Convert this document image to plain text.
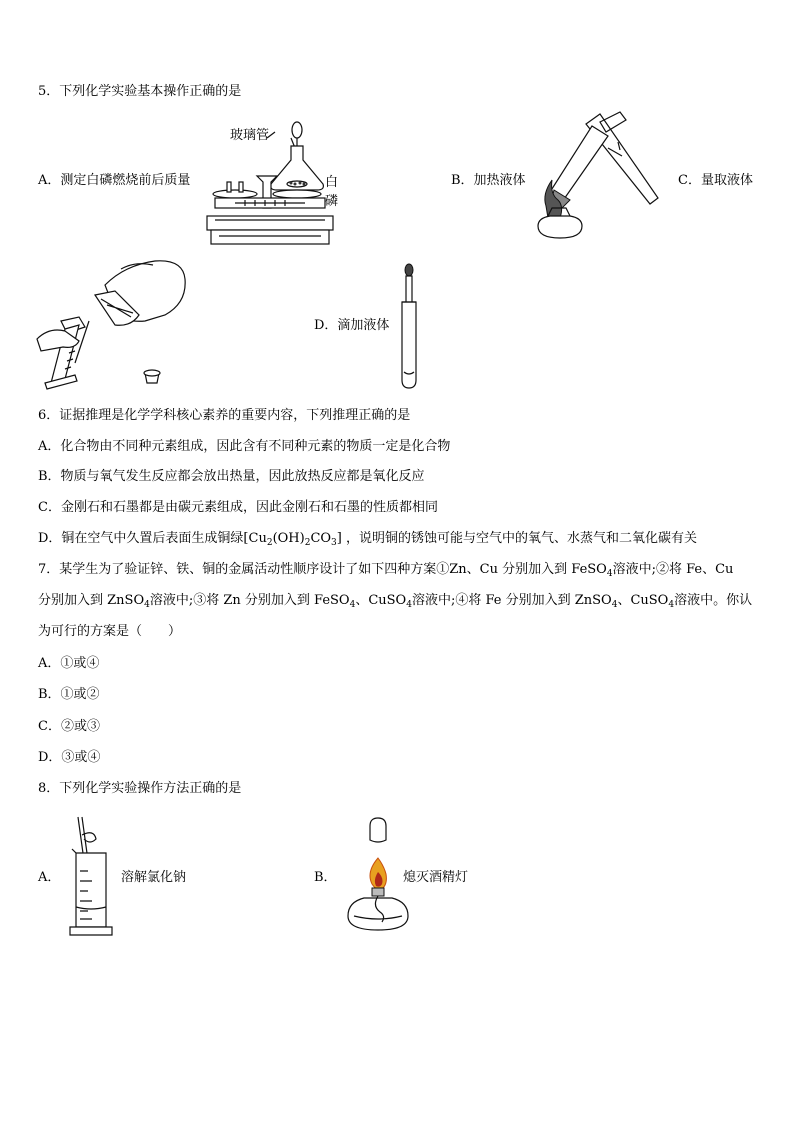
5．下列化学实验基本操作正确的是
玻璃管
A．测定白磷燃烧前后质量	白
磷
B．加热液体	C．量取液体
D．滴加液体
6．证据推理是化学学科核心素养的重要内容，下列推理正确的是
A．化合物由不同种元素组成，因此含有不同种元素的物质一定是化合物
B．物质与氧气发生反应都会放出热量，因此放热反应都是氧化反应
C．金刚石和石墨都是由碳元素组成，因此金刚石和石墨的性质都相同
D．铜在空气中久置后表面生成铜绿$[Cu_2(OH)_2CO_3]$ ，说明铜的锈蚀可能与空气中的氧气、水蒸气和二氧化碳有关
7．某学生为了验证锌、铁、铜的金属活动性顺序设计了如下四种方案①Zn、Cu 分别加入到 FeSO$_4$溶液中;②将 Fe、Cu
分别加入到 ZnSO$_4$溶液中;③将 Zn 分别加入到 FeSO$_4$、CuSO$_4$溶液中;④将 Fe 分别加入到 ZnSO$_4$、CuSO$_4$溶液中。你认
为可行的方案是（　　）
A．①或④
B．①或②
C．②或③
D．③或④
8．下列化学实验操作方法正确的是
A．	溶解氯化钠	B．	熄灭酒精灯
